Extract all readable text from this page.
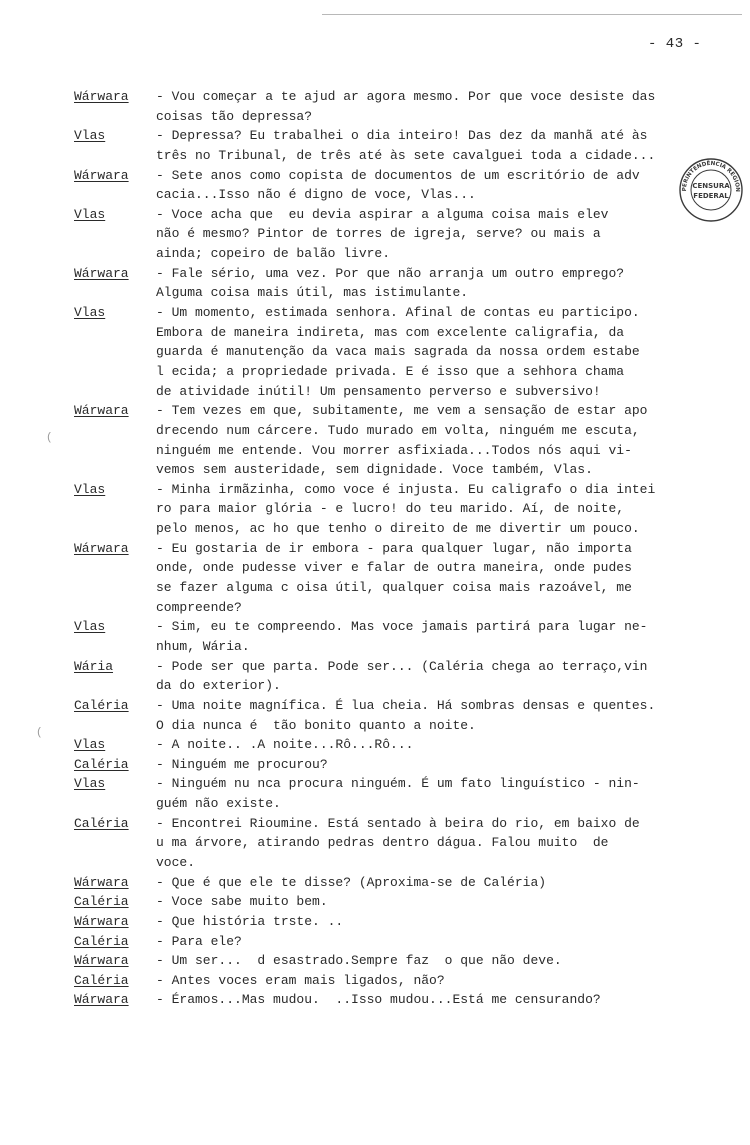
- 43 -
Wárwara - Vou começar a te ajud ar agora mesmo. Por que voce desiste das
coisas tão depressa?
Vlas	- Depressa? Eu trabalhei o dia inteiro! Das dez da manhã até às
três no Tribunal, de três até às sete cavalguei toda a cidade...
Wárwara - Sete anos como copista de documentos de um escritório de adv
cacia...Isso não é digno de voce, Vlas...
Vlas	- Voce acha que  eu devia aspirar a alguma coisa mais elev
não é mesmo? Pintor de torres de igreja, serve? ou mais a
ainda; copeiro de balão livre.
Wárwara - Fale sério, uma vez. Por que não arranja um outro emprego?
Alguma coisa mais útil, mas istimulante.
Vlas	- Um momento, estimada senhora. Afinal de contas eu participo.
Embora de maneira indireta, mas com excelente caligrafia, da
guarda é manutenção da vaca mais sagrada da nossa ordem estabe
l ecida; a propriedade privada. E é isso que a sehhora chama
de atividade inútil! Um pensamento perverso e subversivo!
Wárwara - Tem vezes em que, subitamente, me vem a sensação de estar apo
drecendo num cárcere. Tudo murado em volta, ninguém me escuta,
ninguém me entende. Vou morrer asfixiada...Todos nós aqui vi-
vemos sem austeridade, sem dignidade. Voce também, Vlas.
Vlas	- Minha irmãzinha, como voce é injusta. Eu caligrafo o dia intei
ro para maior glória - e lucro! do teu marido. Aí, de noite,
pelo menos, ac ho que tenho o direito de me divertir um pouco.
Wárwara - Eu gostaria de ir embora - para qualquer lugar, não importa
onde, onde pudesse viver e falar de outra maneira, onde pudes
se fazer alguma c oisa útil, qualquer coisa mais razoável, me
compreende?
Vlas	- Sim, eu te compreendo. Mas voce jamais partirá para lugar ne-
nhum, Wária.
Wária	- Pode ser que parta. Pode ser... (Caléria chega ao terraço,vin
da do exterior).
Caléria - Uma noite magnífica. É lua cheia. Há sombras densas e quentes.
O dia nunca é  tão bonito quanto a noite.
Vlas	- A noite.. .A noite...Rô...Rô...
Caléria - Ninguém me procurou?
Vlas	- Ninguém nu nca procura ninguém. É um fato linguístico - nin-
guém não existe.
Caléria - Encontrei Rioumine. Está sentado à beira do rio, em baixo de
u ma árvore, atirando pedras dentro dágua. Falou muito  de
voce.
Wárwara - Que é que ele te disse? (Aproxima-se de Caléria)
Caléria - Voce sabe muito bem.
Wárwara - Que história trste. ..
Caléria - Para ele?
Wárwara - Um ser...  d esastrado.Sempre faz  o que não deve.
Caléria - Antes voces eram mais ligados, não?
Wárwara - Éramos...Mas mudou.  ..Isso mudou...Está me censurando?
PERINTENDÊNCIA REGION
CENSURA
FEDERAL
(
(
